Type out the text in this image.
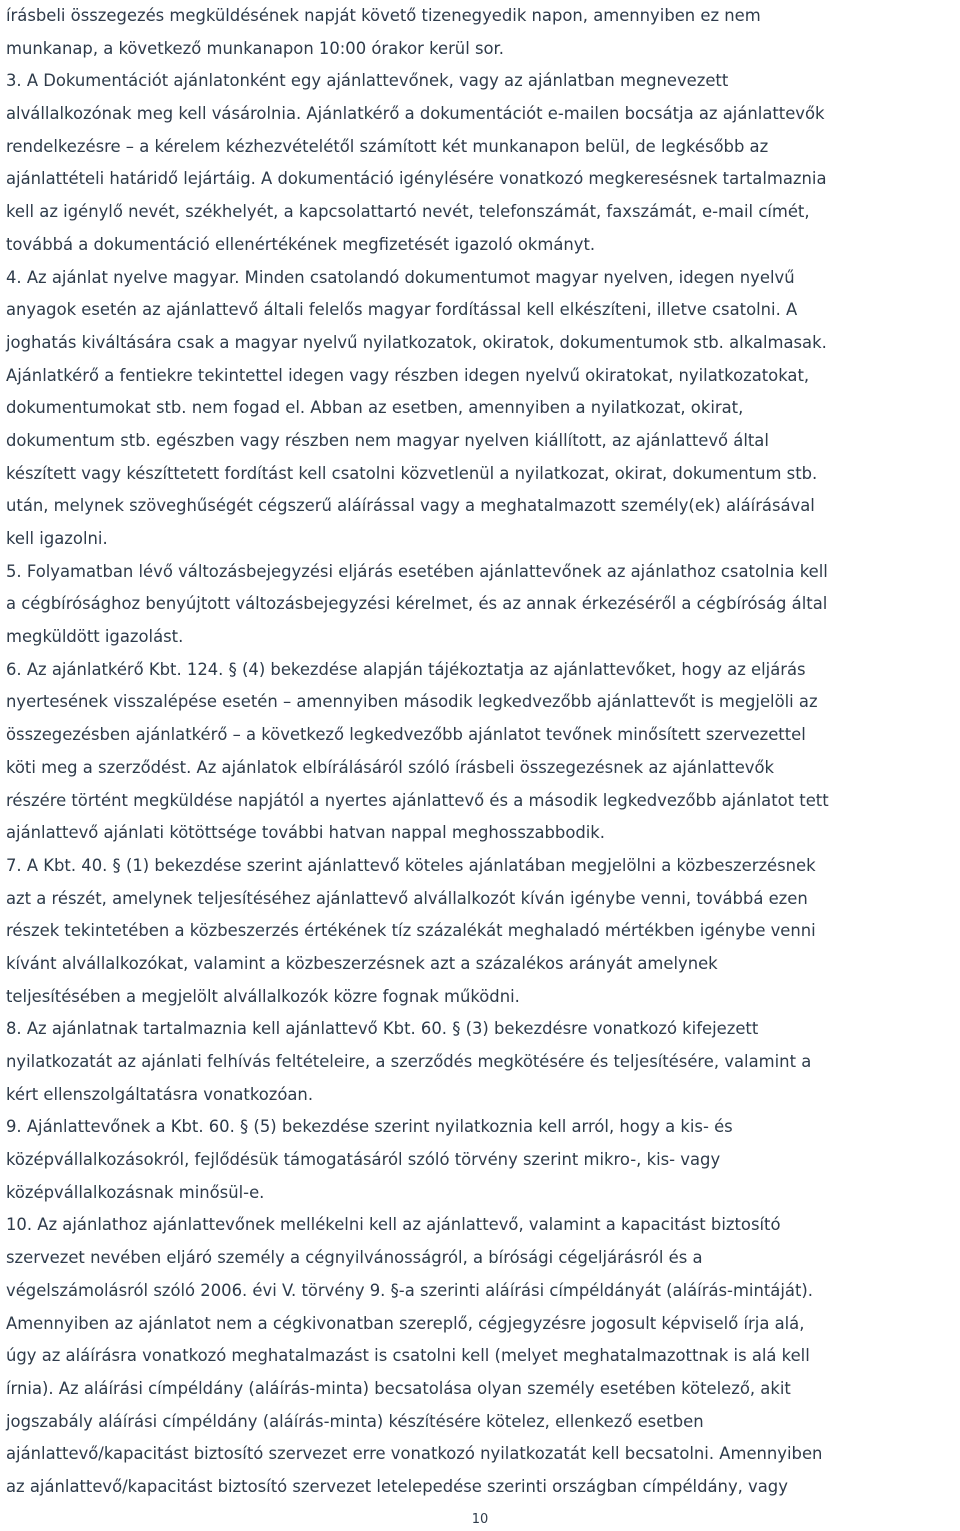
írásbeli összegezés megküldésének napját követő tizenegyedik napon, amennyiben ez nem
munkanap, a következő munkanapon 10:00 órakor kerül sor.
3. A Dokumentációt ajánlatonként egy ajánlattevőnek, vagy az ajánlatban megnevezett
alvállalkozónak meg kell vásárolnia. Ajánlatkérő a dokumentációt e-mailen bocsátja az ajánlattevők
rendelkezésre – a kérelem kézhezvételétől számított két munkanapon belül, de legkésőbb az
ajánlattételi határidő lejártáig. A dokumentáció igénylésére vonatkozó megkeresésnek tartalmaznia
kell az igénylő nevét, székhelyét, a kapcsolattartó nevét, telefonszámát, faxszámát, e-mail címét,
továbbá a dokumentáció ellenértékének megfizetését igazoló okmányt.
4. Az ajánlat nyelve magyar. Minden csatolandó dokumentumot magyar nyelven, idegen nyelvű
anyagok esetén az ajánlattevő általi felelős magyar fordítással kell elkészíteni, illetve csatolni. A
joghatás kiváltására csak a magyar nyelvű nyilatkozatok, okiratok, dokumentumok stb. alkalmasak.
Ajánlatkérő a fentiekre tekintettel idegen vagy részben idegen nyelvű okiratokat, nyilatkozatokat,
dokumentumokat stb. nem fogad el. Abban az esetben, amennyiben a nyilatkozat, okirat,
dokumentum stb. egészben vagy részben nem magyar nyelven kiállított, az ajánlattevő által
készített vagy készíttetett fordítást kell csatolni közvetlenül a nyilatkozat, okirat, dokumentum stb.
után, melynek szöveghűségét cégszerű aláírással vagy a meghatalmazott személy(ek) aláírásával
kell igazolni.
5. Folyamatban lévő változásbejegyzési eljárás esetében ajánlattevőnek az ajánlathoz csatolnia kell
a cégbírósághoz benyújtott változásbejegyzési kérelmet, és az annak érkezéséről a cégbíróság által
megküldött igazolást.
6. Az ajánlatkérő Kbt. 124. § (4) bekezdése alapján tájékoztatja az ajánlattevőket, hogy az eljárás
nyertesének visszalépése esetén – amennyiben második legkedvezőbb ajánlattevőt is megjelöli az
összegezésben ajánlatkérő – a következő legkedvezőbb ajánlatot tevőnek minősített szervezettel
köti meg a szerződést. Az ajánlatok elbírálásáról szóló írásbeli összegezésnek az ajánlattevők
részére történt megküldése napjától a nyertes ajánlattevő és a második legkedvezőbb ajánlatot tett
ajánlattevő ajánlati kötöttsége további hatvan nappal meghosszabbodik.
7. A Kbt. 40. § (1) bekezdése szerint ajánlattevő köteles ajánlatában megjelölni a közbeszerzésnek
azt a részét, amelynek teljesítéséhez ajánlattevő alvállalkozót kíván igénybe venni, továbbá ezen
részek tekintetében a közbeszerzés értékének tíz százalékát meghaladó mértékben igénybe venni
kívánt alvállalkozókat, valamint a közbeszerzésnek azt a százalékos arányát amelynek
teljesítésében a megjelölt alvállalkozók közre fognak működni.
8. Az ajánlatnak tartalmaznia kell ajánlattevő Kbt. 60. § (3) bekezdésre vonatkozó kifejezett
nyilatkozatát az ajánlati felhívás feltételeire, a szerződés megkötésére és teljesítésére, valamint a
kért ellenszolgáltatásra vonatkozóan.
9. Ajánlattevőnek a Kbt. 60. § (5) bekezdése szerint nyilatkoznia kell arról, hogy a kis- és
középvállalkozásokról, fejlődésük támogatásáról szóló törvény szerint mikro-, kis- vagy
középvállalkozásnak minősül-e.
10. Az ajánlathoz ajánlattevőnek mellékelni kell az ajánlattevő, valamint a kapacitást biztosító
szervezet nevében eljáró személy a cégnyilvánosságról, a bírósági cégeljárásról és a
végelszámolásról szóló 2006. évi V. törvény 9. §-a szerinti aláírási címpéldányát (aláírás-mintáját).
Amennyiben az ajánlatot nem a cégkivonatban szereplő, cégjegyzésre jogosult képviselő írja alá,
úgy az aláírásra vonatkozó meghatalmazást is csatolni kell (melyet meghatalmazottnak is alá kell
írnia). Az aláírási címpéldány (aláírás-minta) becsatolása olyan személy esetében kötelező, akit
jogszabály aláírási címpéldány (aláírás-minta) készítésére kötelez, ellenkező esetben
ajánlattevő/kapacitást biztosító szervezet erre vonatkozó nyilatkozatát kell becsatolni. Amennyiben
az ajánlattevő/kapacitást biztosító szervezet letelepedése szerinti országban címpéldány, vagy
10
